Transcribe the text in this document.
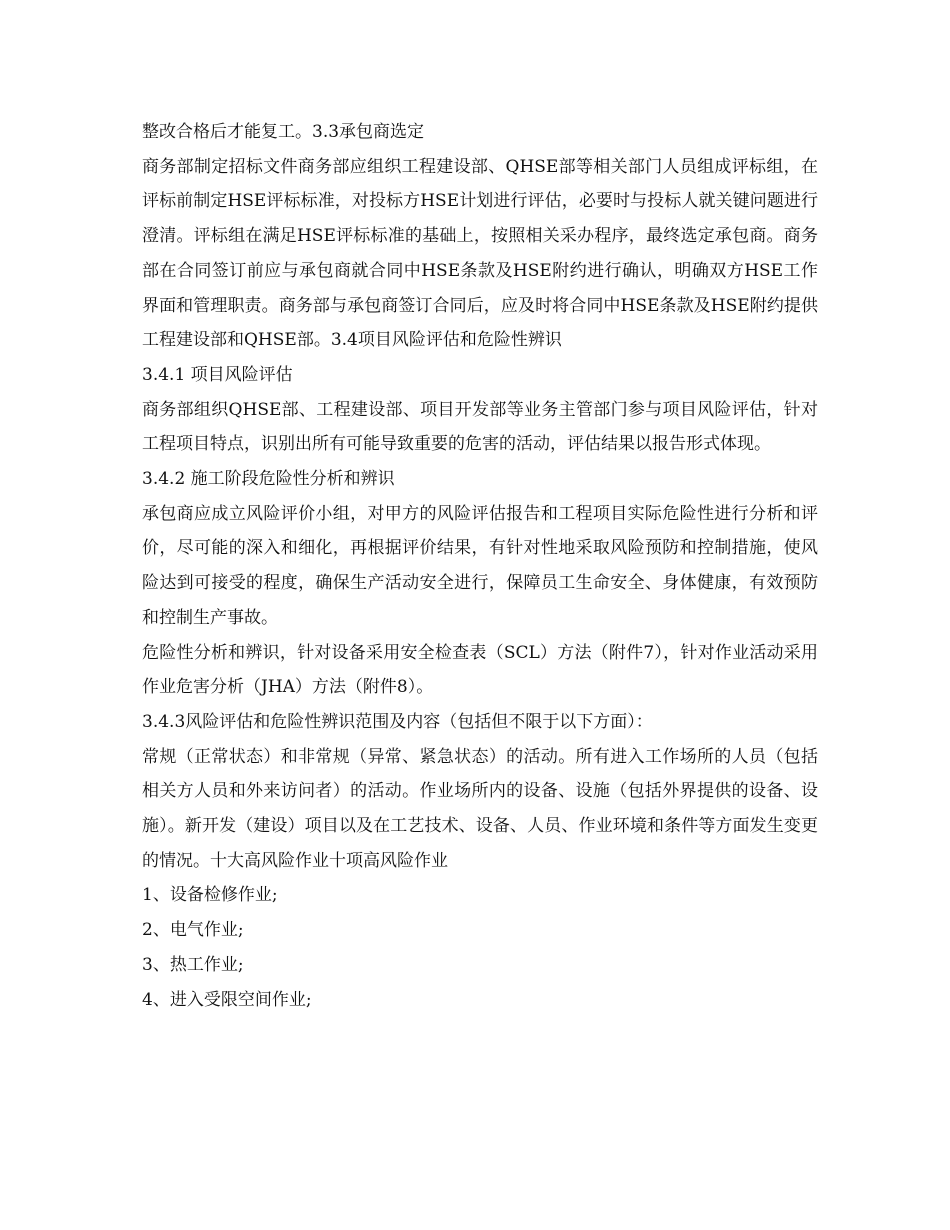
整改合格后才能复工。3.3承包商选定

商务部制定招标文件商务部应组织工程建设部、QHSE部等相关部门人员组成评标组，在评标前制定HSE评标标准，对投标方HSE计划进行评估，必要时与投标人就关键问题进行澄清。评标组在满足HSE评标标准的基础上，按照相关采办程序，最终选定承包商。商务部在合同签订前应与承包商就合同中HSE条款及HSE附约进行确认，明确双方HSE工作界面和管理职责。商务部与承包商签订合同后，应及时将合同中HSE条款及HSE附约提供工程建设部和QHSE部。3.4项目风险评估和危险性辨识

3.4.1 项目风险评估

商务部组织QHSE部、工程建设部、项目开发部等业务主管部门参与项目风险评估，针对工程项目特点，识别出所有可能导致重要的危害的活动，评估结果以报告形式体现。

3.4.2 施工阶段危险性分析和辨识

承包商应成立风险评价小组，对甲方的风险评估报告和工程项目实际危险性进行分析和评价，尽可能的深入和细化，再根据评价结果，有针对性地采取风险预防和控制措施，使风险达到可接受的程度，确保生产活动安全进行，保障员工生命安全、身体健康，有效预防和控制生产事故。

危险性分析和辨识，针对设备采用安全检查表（SCL）方法（附件7），针对作业活动采用作业危害分析（JHA）方法（附件8）。

3.4.3风险评估和危险性辨识范围及内容（包括但不限于以下方面）：

常规（正常状态）和非常规（异常、紧急状态）的活动。所有进入工作场所的人员（包括相关方人员和外来访问者）的活动。作业场所内的设备、设施（包括外界提供的设备、设施）。新开发（建设）项目以及在工艺技术、设备、人员、作业环境和条件等方面发生变更的情况。十大高风险作业十项高风险作业

1、设备检修作业;

2、电气作业;

3、热工作业;

4、进入受限空间作业;
